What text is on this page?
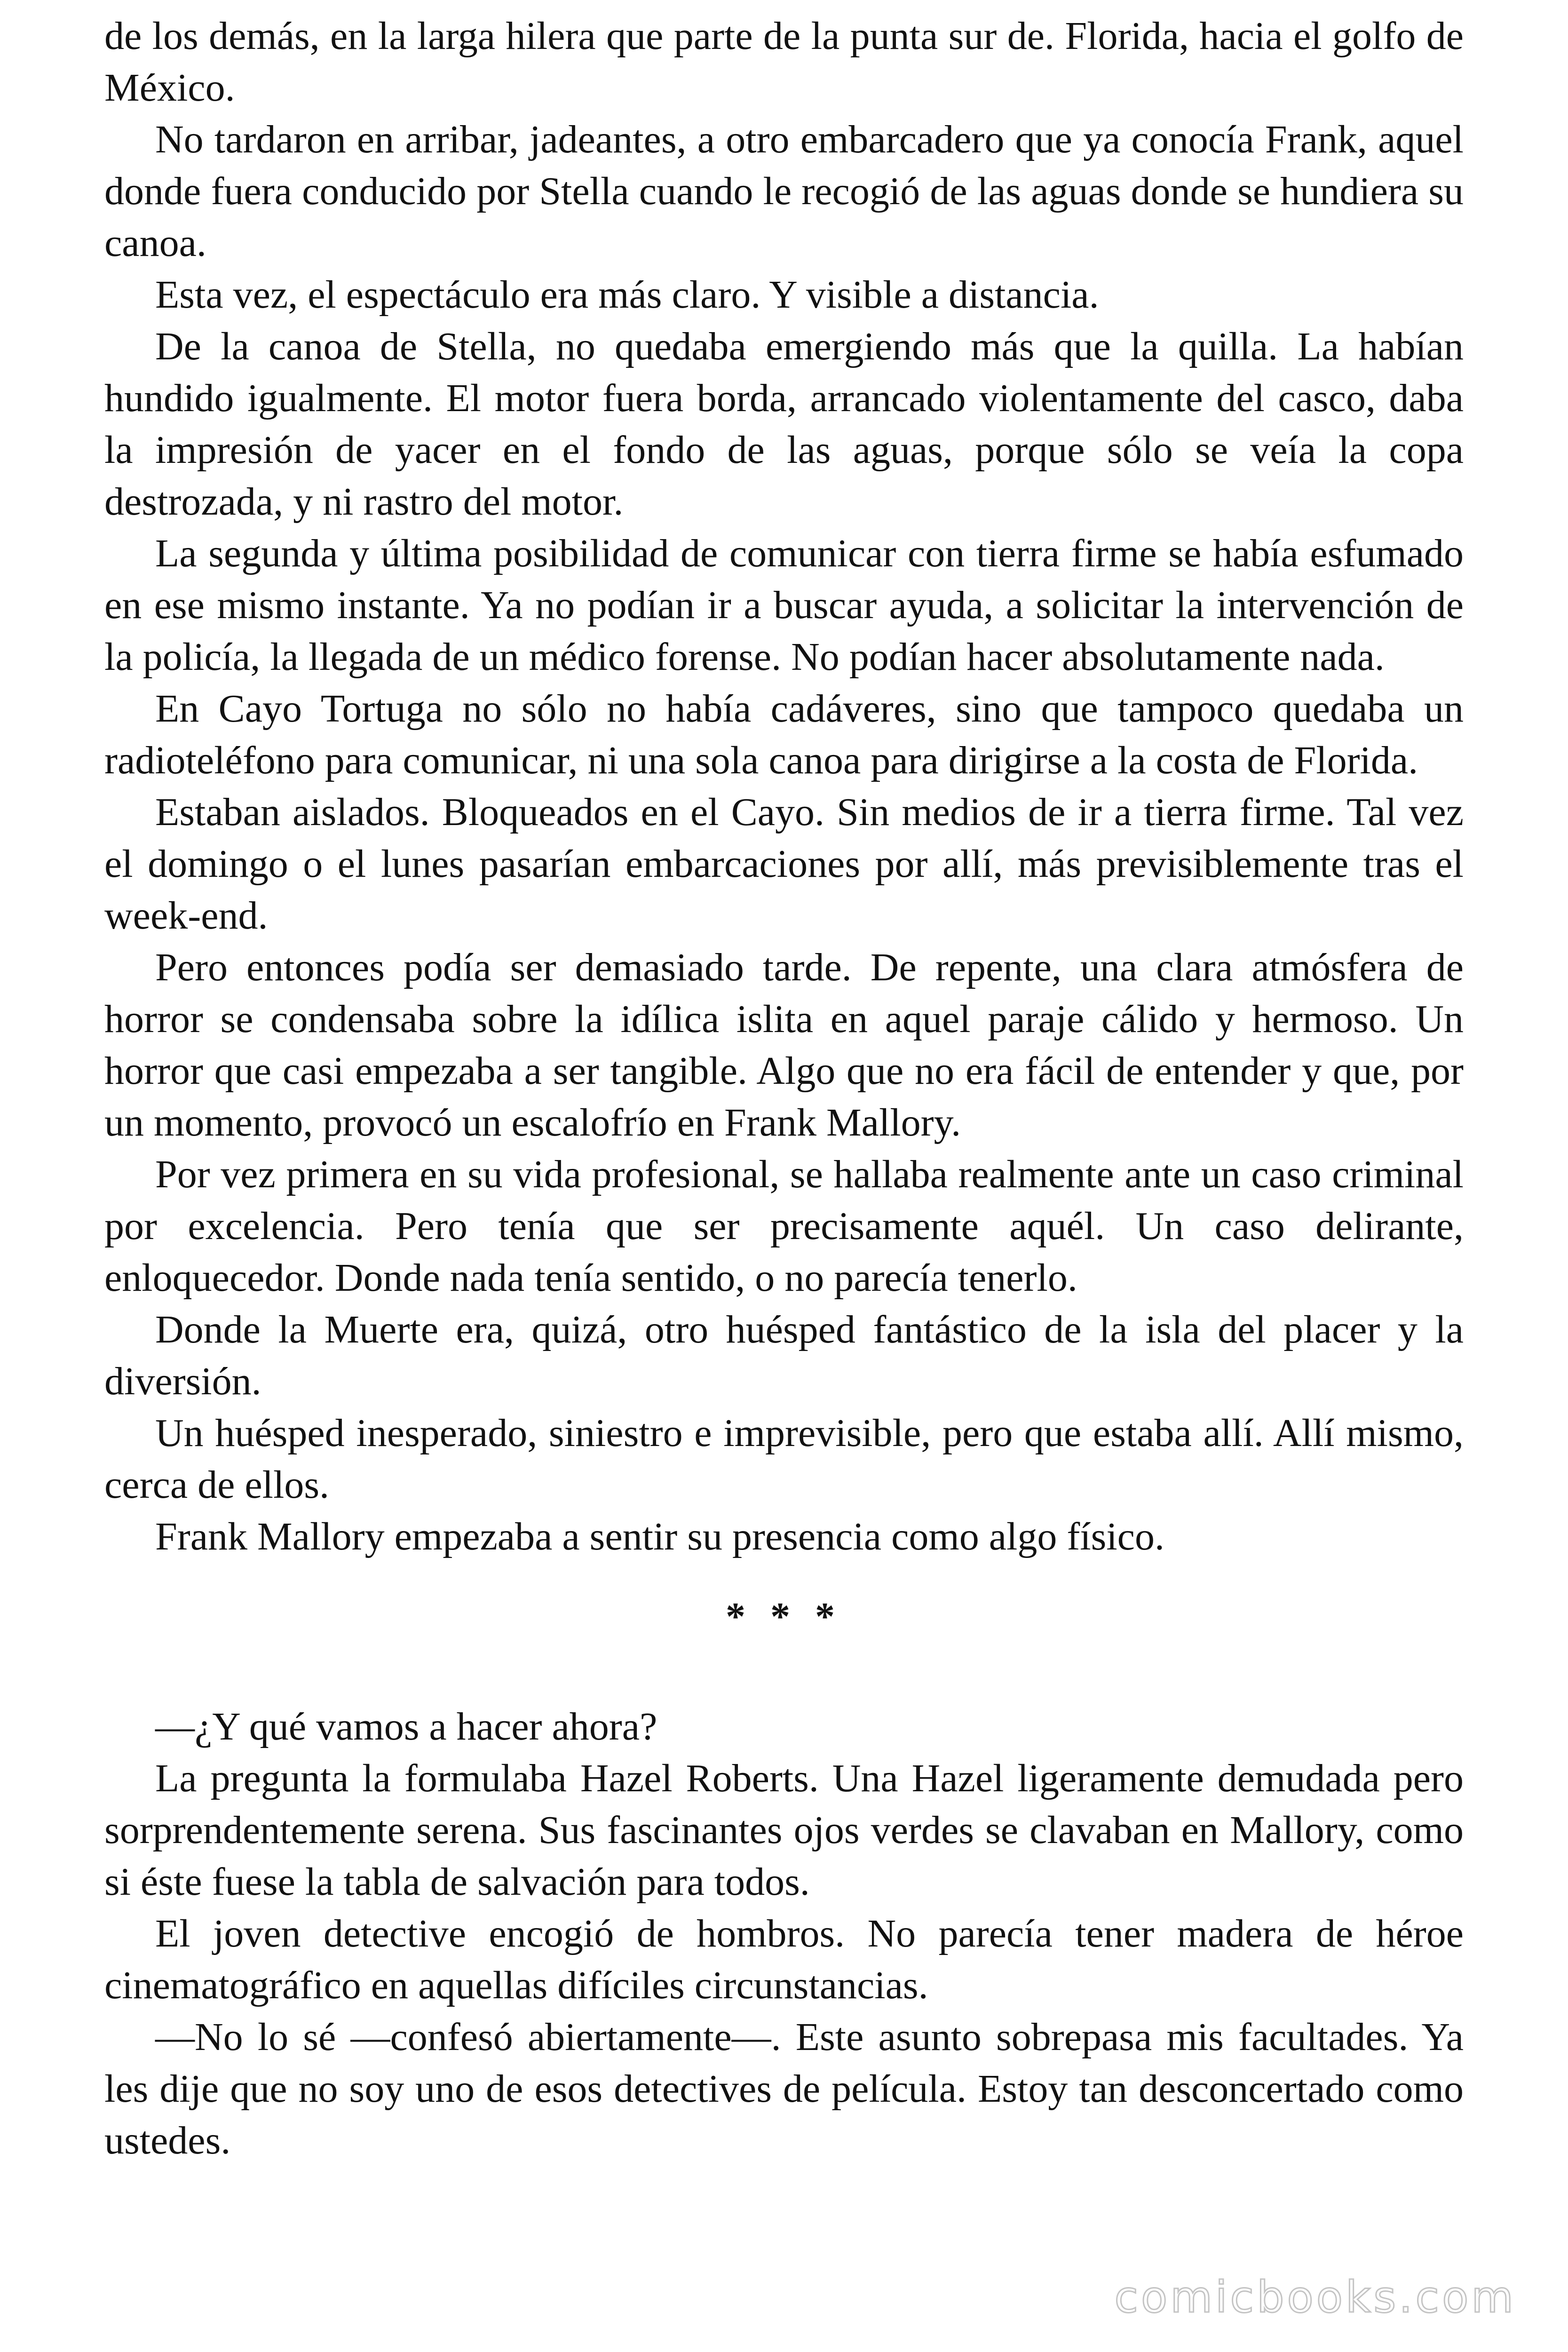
de los demás, en la larga hilera que parte de la punta sur de. Florida, hacia el golfo de México.

No tardaron en arribar, jadeantes, a otro embarcadero que ya conocía Frank, aquel donde fuera conducido por Stella cuando le recogió de las aguas donde se hundiera su canoa.

Esta vez, el espectáculo era más claro. Y visible a distancia.

De la canoa de Stella, no quedaba emergiendo más que la quilla. La habían hundido igualmente. El motor fuera borda, arrancado violentamente del casco, daba la impresión de yacer en el fondo de las aguas, porque sólo se veía la copa destrozada, y ni rastro del motor.

La segunda y última posibilidad de comunicar con tierra firme se había esfumado en ese mismo instante. Ya no podían ir a buscar ayuda, a solicitar la intervención de la policía, la llegada de un médico forense. No podían hacer absolutamente nada.

En Cayo Tortuga no sólo no había cadáveres, sino que tampoco quedaba un radioteléfono para comunicar, ni una sola canoa para dirigirse a la costa de Florida.

Estaban aislados. Bloqueados en el Cayo. Sin medios de ir a tierra firme. Tal vez el domingo o el lunes pasarían embarcaciones por allí, más previsiblemente tras el week-end.

Pero entonces podía ser demasiado tarde. De repente, una clara atmósfera de horror se condensaba sobre la idílica islita en aquel paraje cálido y hermoso. Un horror que casi empezaba a ser tangible. Algo que no era fácil de entender y que, por un momento, provocó un escalofrío en Frank Mallory.

Por vez primera en su vida profesional, se hallaba realmente ante un caso criminal por excelencia. Pero tenía que ser precisamente aquél. Un caso delirante, enloquecedor. Donde nada tenía sentido, o no parecía tenerlo.

Donde la Muerte era, quizá, otro huésped fantástico de la isla del placer y la diversión.

Un huésped inesperado, siniestro e imprevisible, pero que estaba allí. Allí mismo, cerca de ellos.

Frank Mallory empezaba a sentir su presencia como algo físico.

* * *

—¿Y qué vamos a hacer ahora?

La pregunta la formulaba Hazel Roberts. Una Hazel ligeramente demudada pero sorprendentemente serena. Sus fascinantes ojos verdes se clavaban en Mallory, como si éste fuese la tabla de salvación para todos.

El joven detective encogió de hombros. No parecía tener madera de héroe cinematográfico en aquellas difíciles circunstancias.

—No lo sé —confesó abiertamente—. Este asunto sobrepasa mis facultades. Ya les dije que no soy uno de esos detectives de película. Estoy tan desconcertado como ustedes.

comicbooks.com
